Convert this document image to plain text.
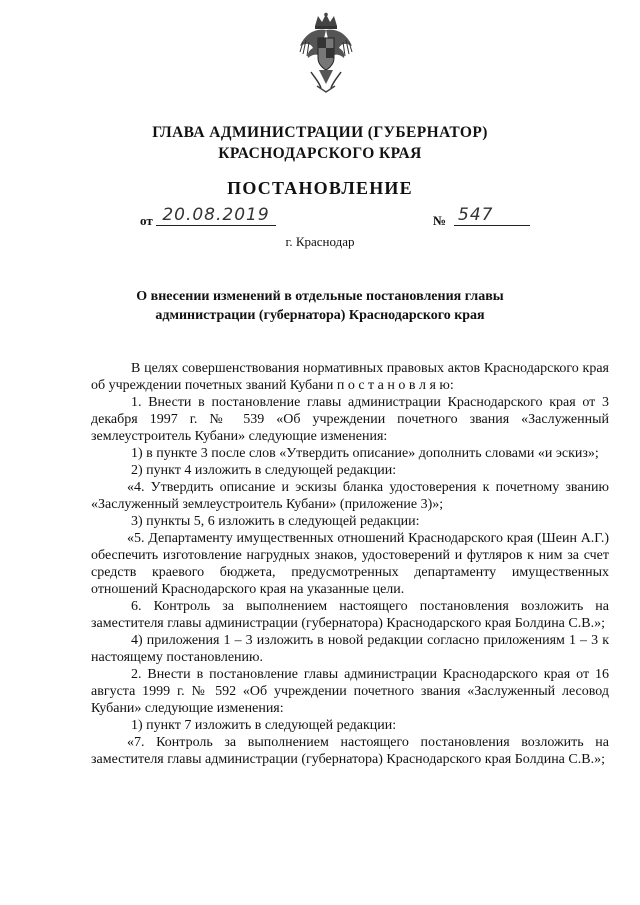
ГЛАВА АДМИНИСТРАЦИИ (ГУБЕРНАТОР)
КРАСНОДАРСКОГО КРАЯ
ПОСТАНОВЛЕНИЕ
от 20.08.2019	№ 547
г. Краснодар
О внесении изменений в отдельные постановления главы
администрации (губернатора) Краснодарского края

В целях совершенствования нормативных правовых актов Краснодарского края об учреждении почетных званий Кубани п о с т а н о в л я ю:

1. Внести в постановление главы администрации Краснодарского края от 3 декабря 1997 г. № 539 «Об учреждении почетного звания «Заслуженный землеустроитель Кубани» следующие изменения:

1) в пункте 3 после слов «Утвердить описание» дополнить словами «и эскиз»;

2) пункт 4 изложить в следующей редакции:

«4. Утвердить описание и эскизы бланка удостоверения к почетному званию «Заслуженный землеустроитель Кубани» (приложение 3)»;

3) пункты 5, 6 изложить в следующей редакции:

«5. Департаменту имущественных отношений Краснодарского края (Шеин А.Г.) обеспечить изготовление нагрудных знаков, удостоверений и футляров к ним за счет средств краевого бюджета, предусмотренных департаменту имущественных отношений Краснодарского края на указанные цели.

6. Контроль за выполнением настоящего постановления возложить на заместителя главы администрации (губернатора) Краснодарского края Болдина С.В.»;

4) приложения 1 – 3 изложить в новой редакции согласно приложениям 1 – 3 к настоящему постановлению.

2. Внести в постановление главы администрации Краснодарского края от 16 августа 1999 г. № 592 «Об учреждении почетного звания «Заслуженный лесовод Кубани» следующие изменения:

1) пункт 7 изложить в следующей редакции:

«7. Контроль за выполнением настоящего постановления возложить на заместителя главы администрации (губернатора) Краснодарского края Болдина С.В.»;
